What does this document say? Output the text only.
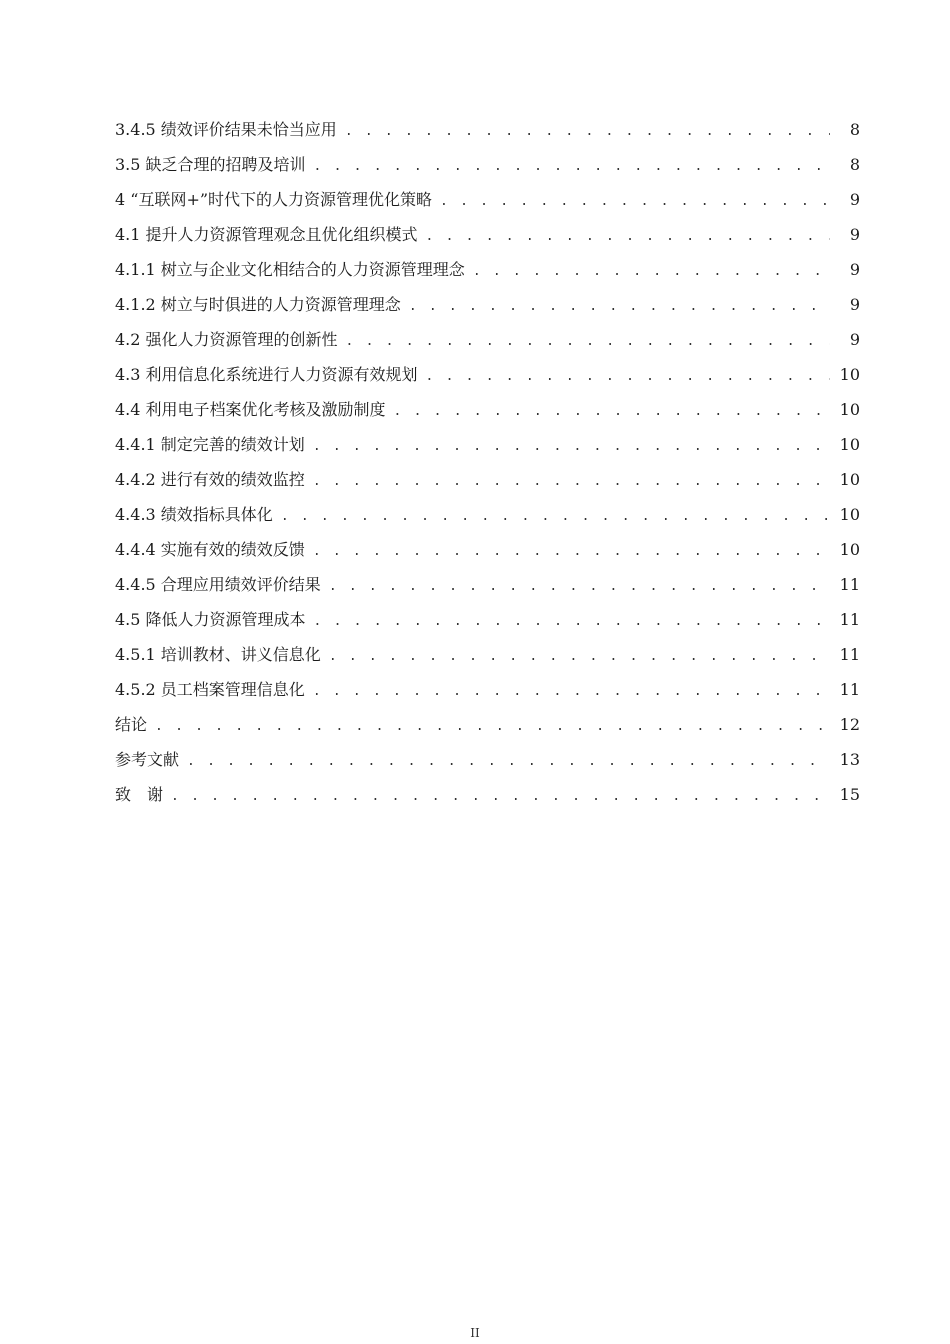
3.4.5 绩效评价结果未恰当应用 . . .	8
3.5 缺乏合理的招聘及培训 . . .	8
4 “互联网+”时代下的人力资源管理优化策略 . . .	9
4.1 提升人力资源管理观念且优化组织模式 . . .	9
4.1.1 树立与企业文化相结合的人力资源管理理念 . . .	9
4.1.2 树立与时俱进的人力资源管理理念 . . .	9
4.2 强化人力资源管理的创新性 . . .	9
4.3 利用信息化系统进行人力资源有效规划 . . .	10
4.4 利用电子档案优化考核及激励制度 . . .	10
4.4.1 制定完善的绩效计划 . . .	10
4.4.2 进行有效的绩效监控 . . .	10
4.4.3 绩效指标具体化 . . .	10
4.4.4 实施有效的绩效反馈 . . .	10
4.4.5 合理应用绩效评价结果 . . .	11
4.5 降低人力资源管理成本 . . .	11
4.5.1 培训教材、讲义信息化 . . .	11
4.5.2 员工档案管理信息化 . . .	11
结论 . . .	12
参考文献 . . .	13
致　谢 . . .	15
II
